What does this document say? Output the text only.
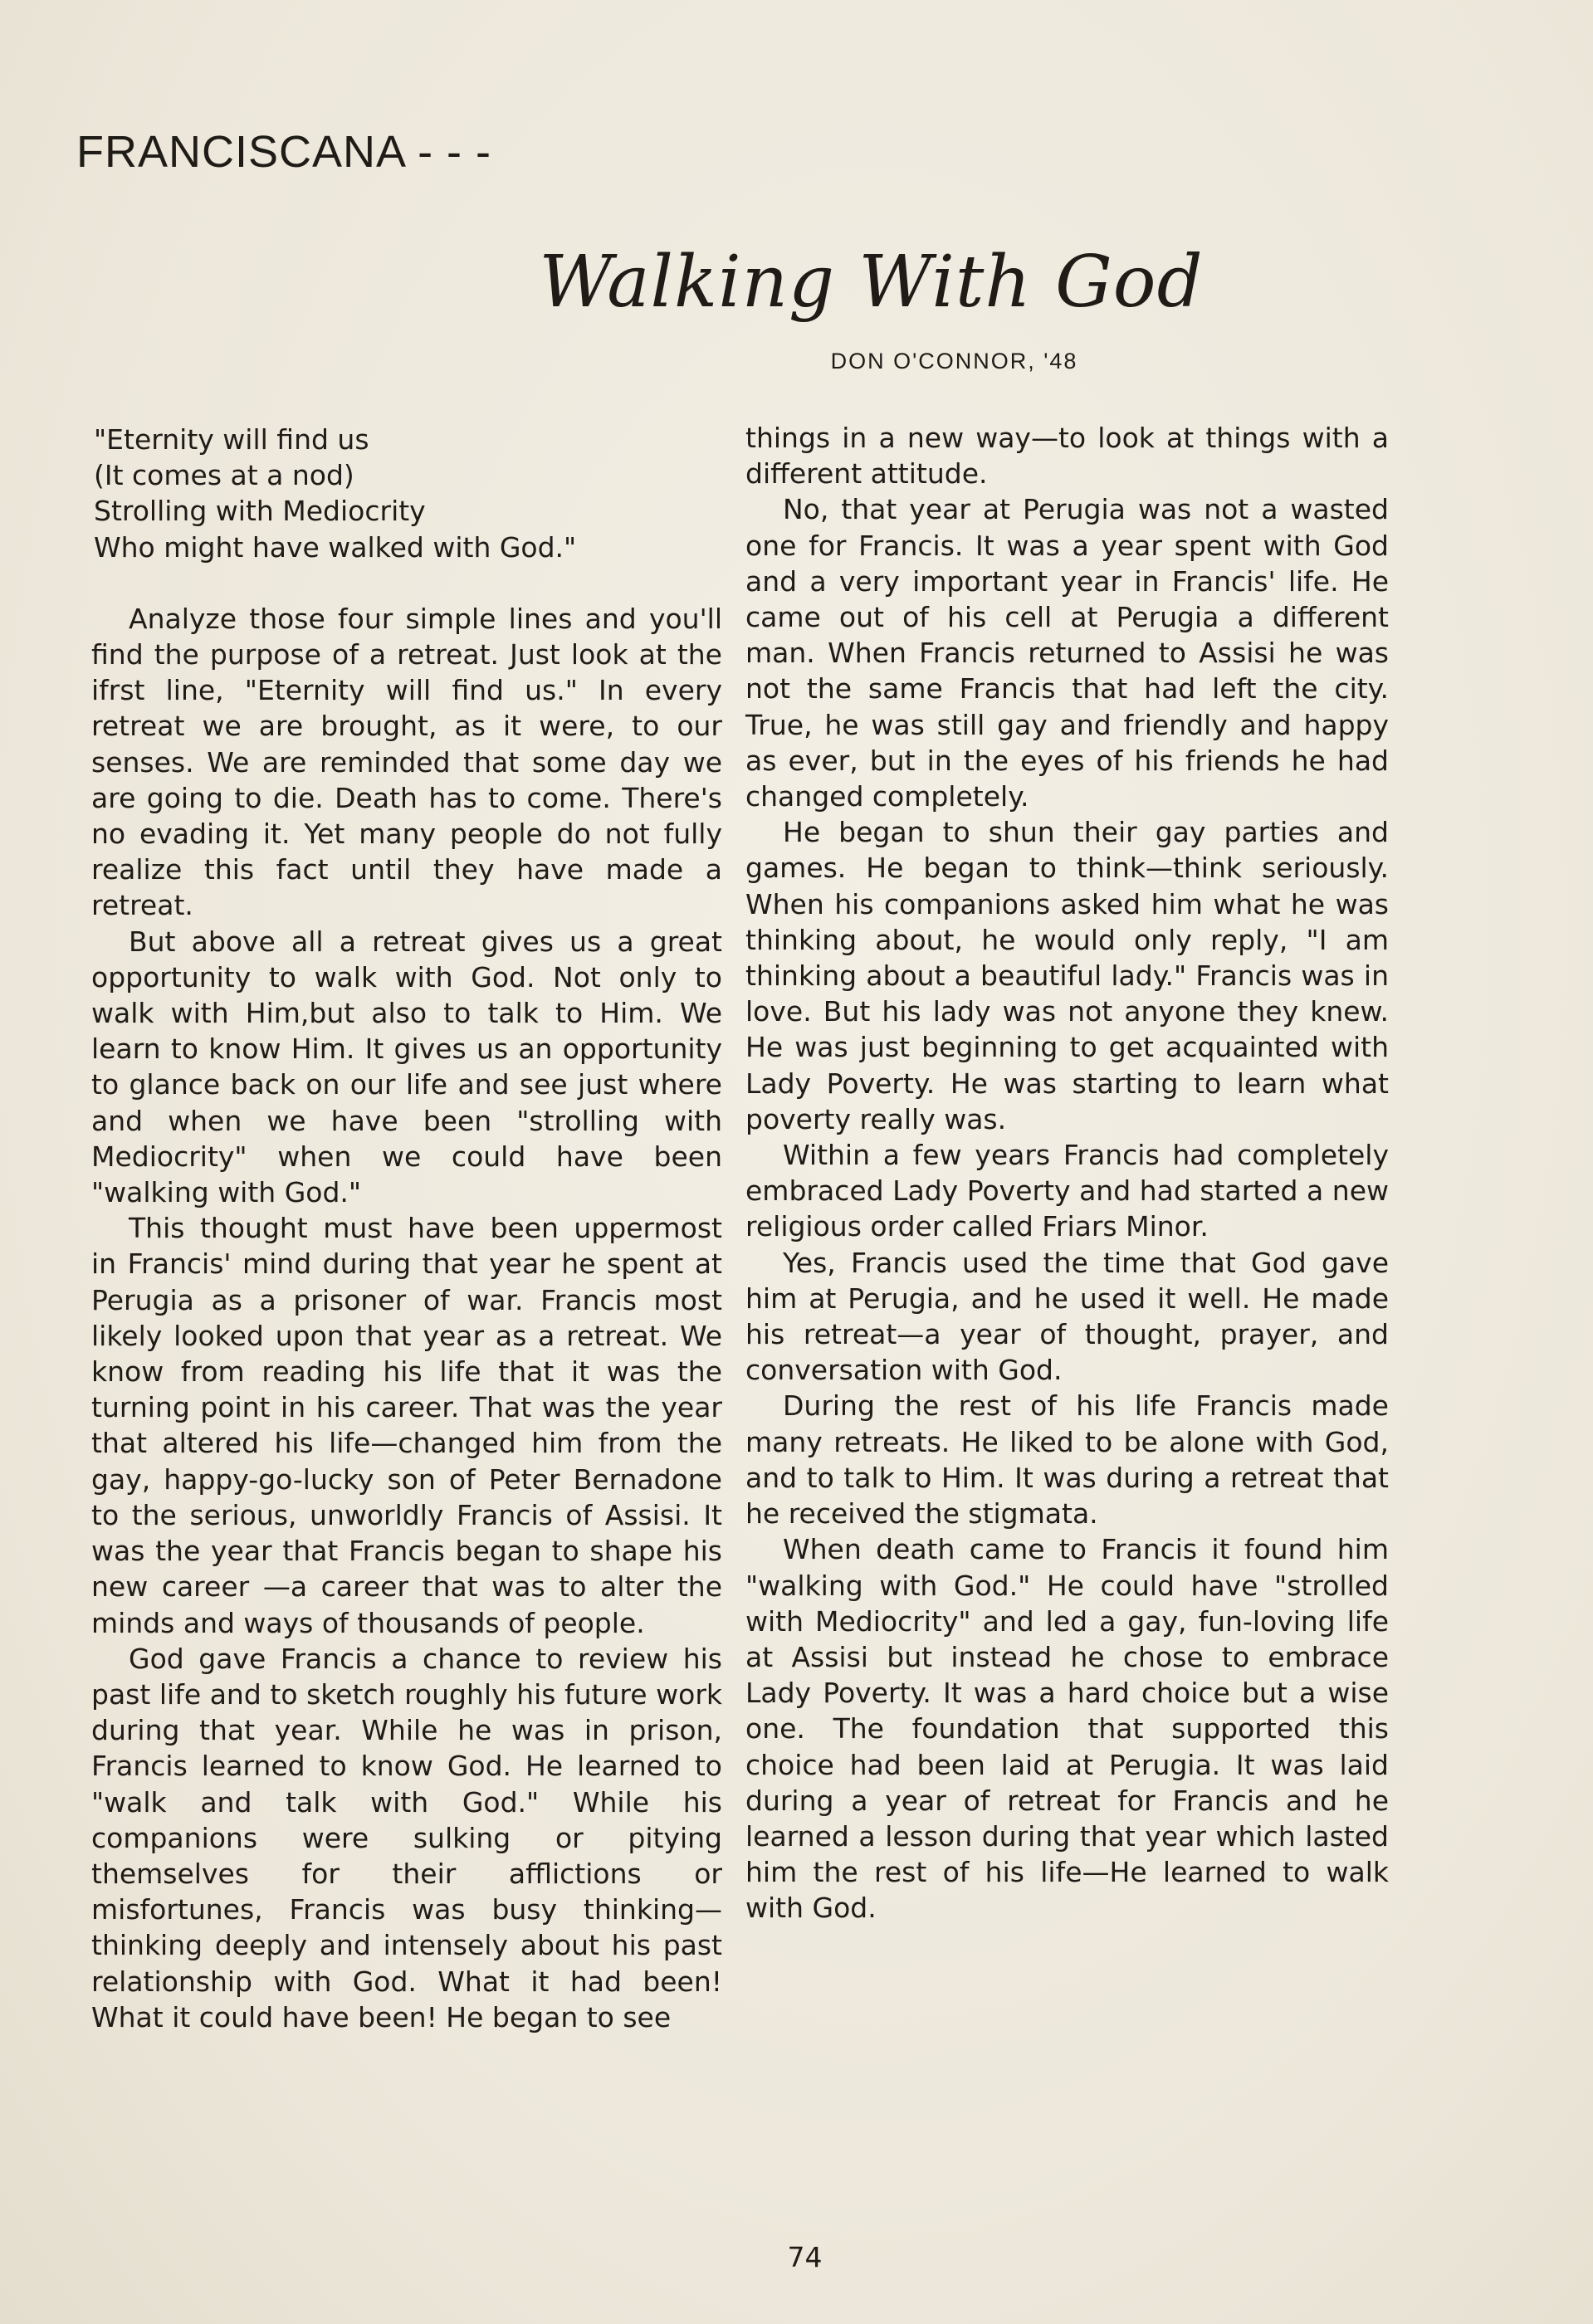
FRANCISCANA - - -
Walking With God
DON O'CONNOR, '48
"Eternity will find us
(It comes at a nod)
Strolling with Mediocrity
Who might have walked with God."

Analyze those four simple lines and you'll find the purpose of a retreat. Just look at the ifrst line, "Eternity will find us." In every retreat we are brought, as it were, to our senses. We are reminded that some day we are going to die. Death has to come. There's no evading it. Yet many people do not fully realize this fact until they have made a retreat.

But above all a retreat gives us a great opportunity to walk with God. Not only to walk with Him,but also to talk to Him. We learn to know Him. It gives us an opportunity to glance back on our life and see just where and when we have been "strolling with Mediocrity" when we could have been "walking with God."

This thought must have been uppermost in Francis' mind during that year he spent at Perugia as a prisoner of war. Francis most likely looked upon that year as a retreat. We know from reading his life that it was the turning point in his career. That was the year that altered his life—changed him from the gay, happy-go-lucky son of Peter Bernadone to the serious, unworldly Francis of Assisi. It was the year that Francis began to shape his new career —a career that was to alter the minds and ways of thousands of people.

God gave Francis a chance to review his past life and to sketch roughly his future work during that year. While he was in prison, Francis learned to know God. He learned to "walk and talk with God." While his companions were sulking or pitying themselves for their afflictions or misfortunes, Francis was busy thinking—thinking deeply and intensely about his past relationship with God. What it had been! What it could have been! He began to see

things in a new way—to look at things with a different attitude.

No, that year at Perugia was not a wasted one for Francis. It was a year spent with God and a very important year in Francis' life. He came out of his cell at Perugia a different man. When Francis returned to Assisi he was not the same Francis that had left the city. True, he was still gay and friendly and happy as ever, but in the eyes of his friends he had changed completely.

He began to shun their gay parties and games. He began to think—think seriously. When his companions asked him what he was thinking about, he would only reply, "I am thinking about a beautiful lady." Francis was in love. But his lady was not anyone they knew. He was just beginning to get acquainted with Lady Poverty. He was starting to learn what poverty really was.

Within a few years Francis had completely embraced Lady Poverty and had started a new religious order called Friars Minor.

Yes, Francis used the time that God gave him at Perugia, and he used it well. He made his retreat—a year of thought, prayer, and conversation with God.

During the rest of his life Francis made many retreats. He liked to be alone with God, and to talk to Him. It was during a retreat that he received the stigmata.

When death came to Francis it found him "walking with God." He could have "strolled with Mediocrity" and led a gay, fun-loving life at Assisi but instead he chose to embrace Lady Poverty. It was a hard choice but a wise one. The foundation that supported this choice had been laid at Perugia. It was laid during a year of retreat for Francis and he learned a lesson during that year which lasted him the rest of his life—He learned to walk with God.

74
